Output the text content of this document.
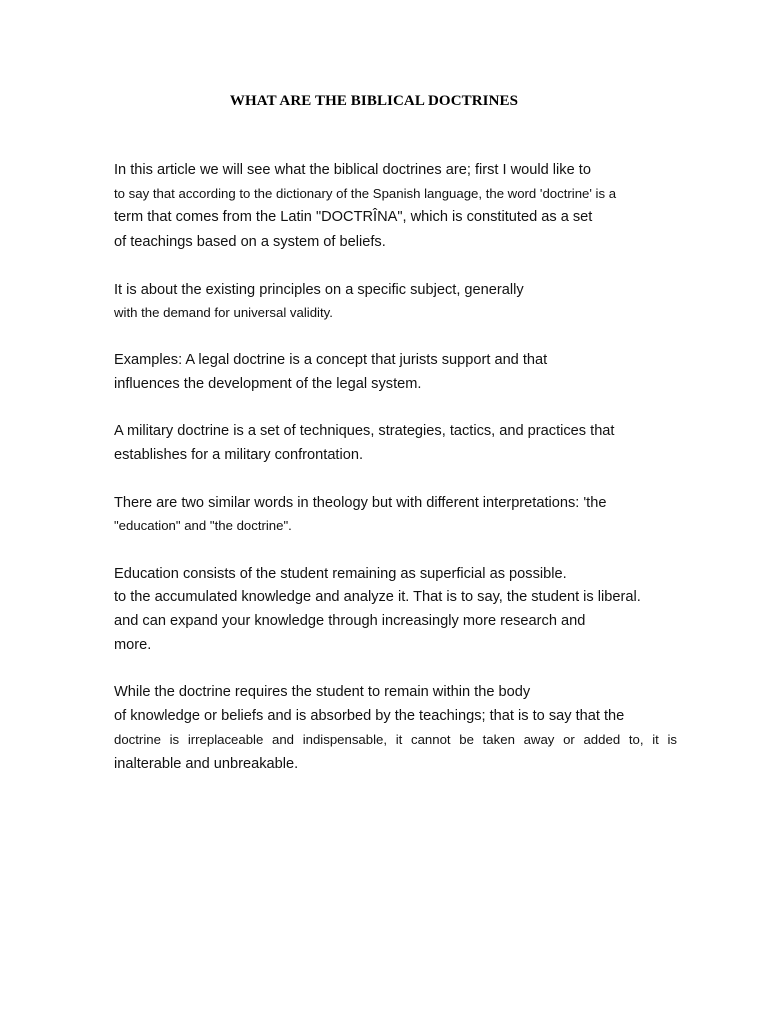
WHAT ARE THE BIBLICAL DOCTRINES

In this article we will see what the biblical doctrines are; first I would like to

to say that according to the dictionary of the Spanish language, the word 'doctrine' is a

term that comes from the Latin "DOCTRÎNA", which is constituted as a set

of teachings based on a system of beliefs.

It is about the existing principles on a specific subject, generally

with the demand for universal validity.

Examples: A legal doctrine is a concept that jurists support and that

influences the development of the legal system.

A military doctrine is a set of techniques, strategies, tactics, and practices that

establishes for a military confrontation.

There are two similar words in theology but with different interpretations: 'the

"education" and "the doctrine".

Education consists of the student remaining as superficial as possible.

to the accumulated knowledge and analyze it. That is to say, the student is liberal.

and can expand your knowledge through increasingly more research and

more.

While the doctrine requires the student to remain within the body

of knowledge or beliefs and is absorbed by the teachings; that is to say that the

doctrine is irreplaceable and indispensable, it cannot be taken away or added to, it is

inalterable and unbreakable.
